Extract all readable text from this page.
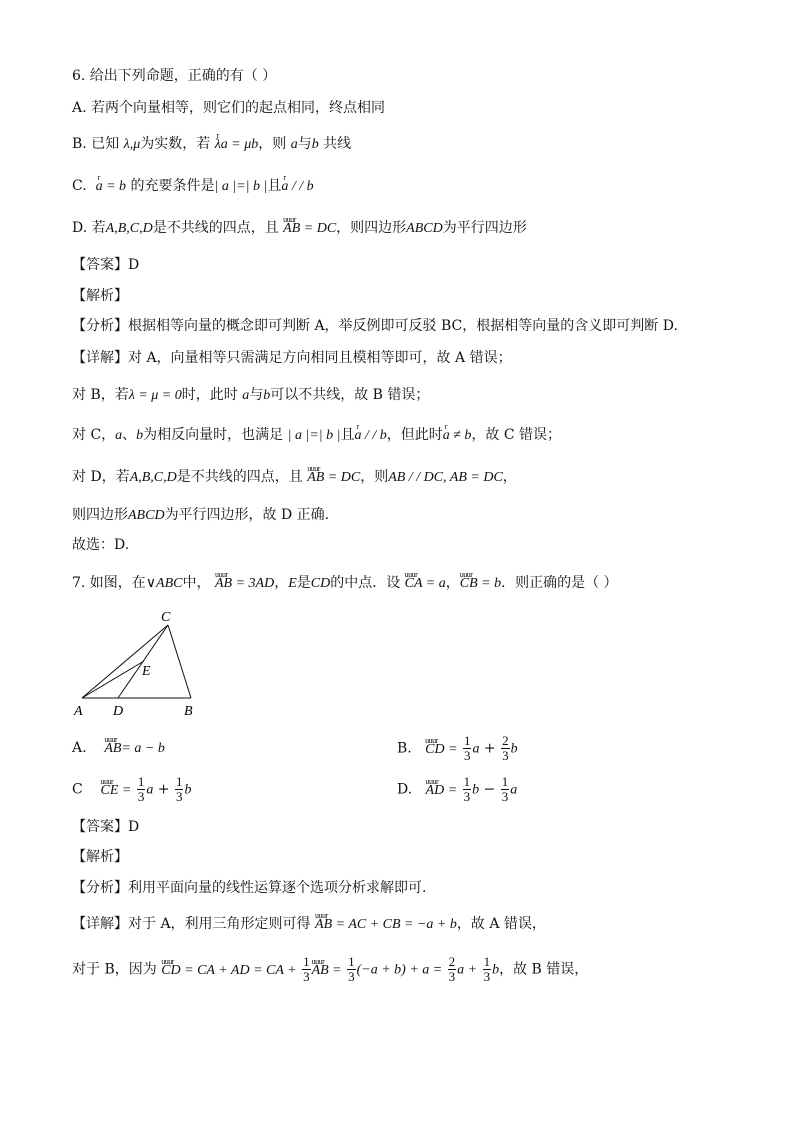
6. 给出下列命题，正确的有（ ）
A. 若两个向量相等，则它们的起点相同，终点相同
B. 已知 λ,μ为实数，若 r λa = μb，则 a与b 共线
C. r a = b 的充要条件是| a |=| b |且r a / / b
D. 若A,B,C,D是不共线的四点，且 uuur AB = DC，则四边形ABCD为平行四边形
【答案】D
【解析】
【分析】根据相等向量的概念即可判断 A，举反例即可反驳 BC，根据相等向量的含义即可判断 D.
【详解】对 A，向量相等只需满足方向相同且模相等即可，故 A 错误；
对 B，若λ = μ = 0时，此时 a与b可以不共线，故 B 错误；
对 C，a、b为相反向量时，也满足 | a |=| b |且r a / / b，但此时r a ≠ b，故 C 错误；
对 D，若A,B,C,D是不共线的四点，且 uuur AB = DC，则AB / / DC, AB = DC，
则四边形ABCD为平行四边形，故 D 正确.
故选：D.
7. 如图，在∨ABC中， uuur AB = 3AD，E是CD的中点．设 uuur CA = a，uuur CB = b．则正确的是（ ）
C
E
A D	B
A. uuur AB= a − b	B. uuur CD = $\frac{1}{3}$ $a + \frac{2}{3}$ b
C uuur CE = $\frac{1}{3}$ $a + \frac{1}{3}$ b	D. uuur AD = $\frac{1}{3}$ $b - \frac{1}{3}$ a
【答案】D
【解析】
【分析】利用平面向量的线性运算逐个选项分析求解即可.
【详解】对于 A，利用三角形定则可得 uuur AB = AC + CB = −a + b，故 A 错误，
对于 B，因为 uuur CD = CA + AD = CA + $\frac{1}{3}$ uuur AB = $\frac{1}{3} (-a + b) + a = \frac{2}{3}$ $a + \frac{1}{3}$ b，故 B 错误，
